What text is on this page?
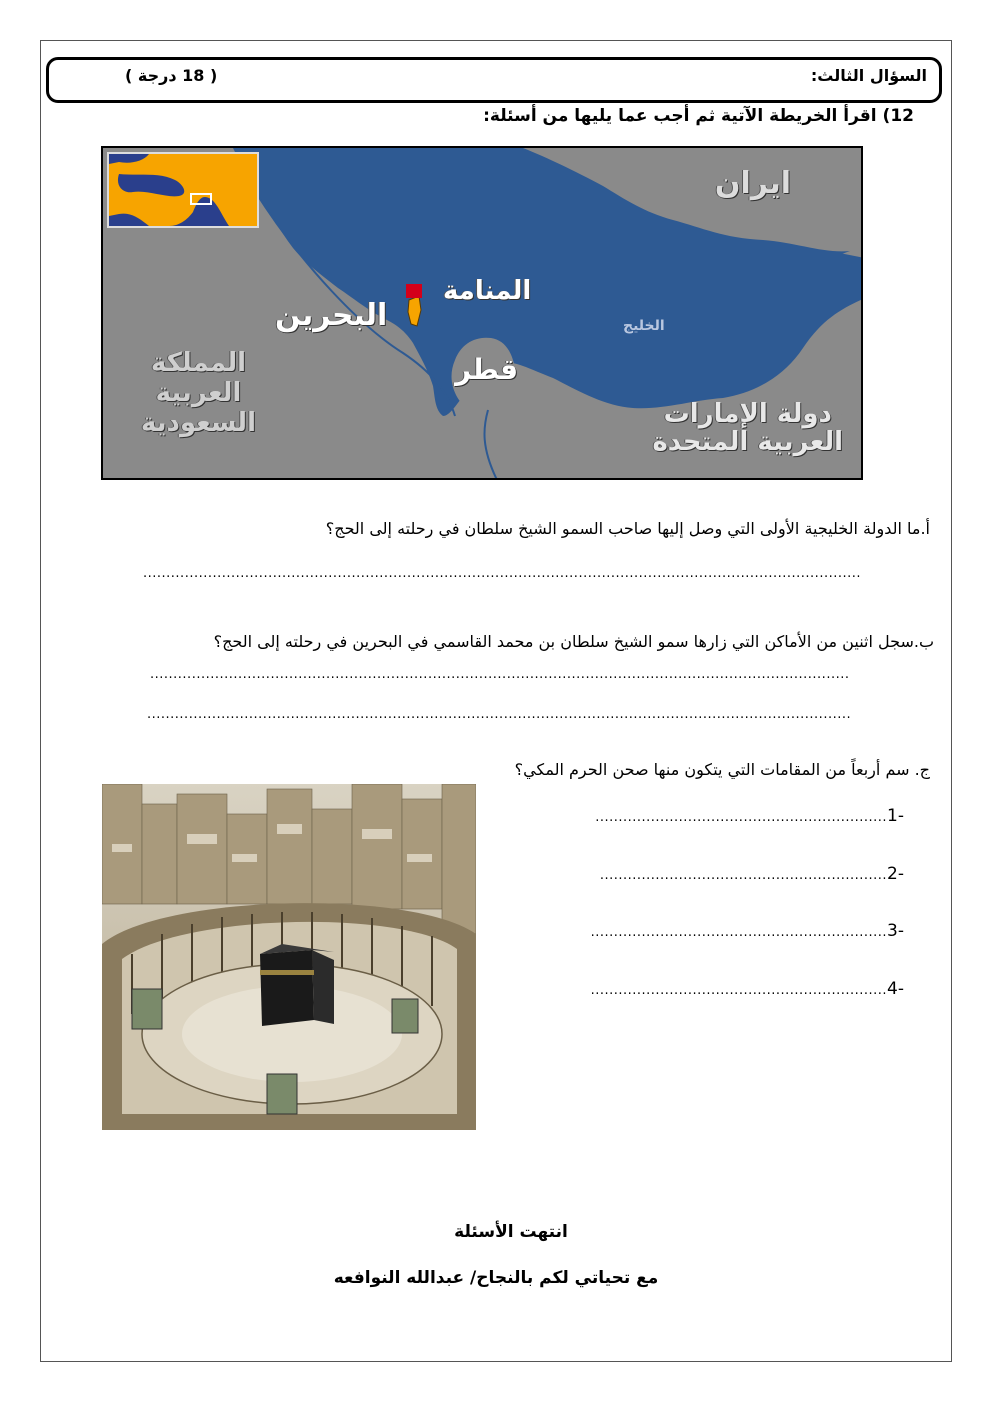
السؤال الثالث:
( 18 درجة )
12) اقرأ الخريطة الآتية ثم أجب عما يليها من أسئلة:
ايران
المنامة
البحرين	الخليج
قطر
المملكة
العربية
السعودية	دولة الإمارات
العربية المتحدة
أ.ما الدولة الخليجية الأولى التي وصل إليها صاحب السمو الشيخ سلطان في رحلته إلى الحج؟
...........................................................................................................................................................
ب.سجل اثنين من الأماكن التي زارها سمو الشيخ سلطان بن محمد القاسمي في البحرين في رحلته إلى الحج؟
.......................................................................................................................................................
........................................................................................................................................................
ج. سم أربعاً من المقامات التي يتكون منها صحن الحرم المكي؟
...............................................................1-
..............................................................2-
................................................................3-
................................................................4-
انتهت الأسئلة
مع تحياتي لكم بالنجاح/ عبدالله النوافعه
